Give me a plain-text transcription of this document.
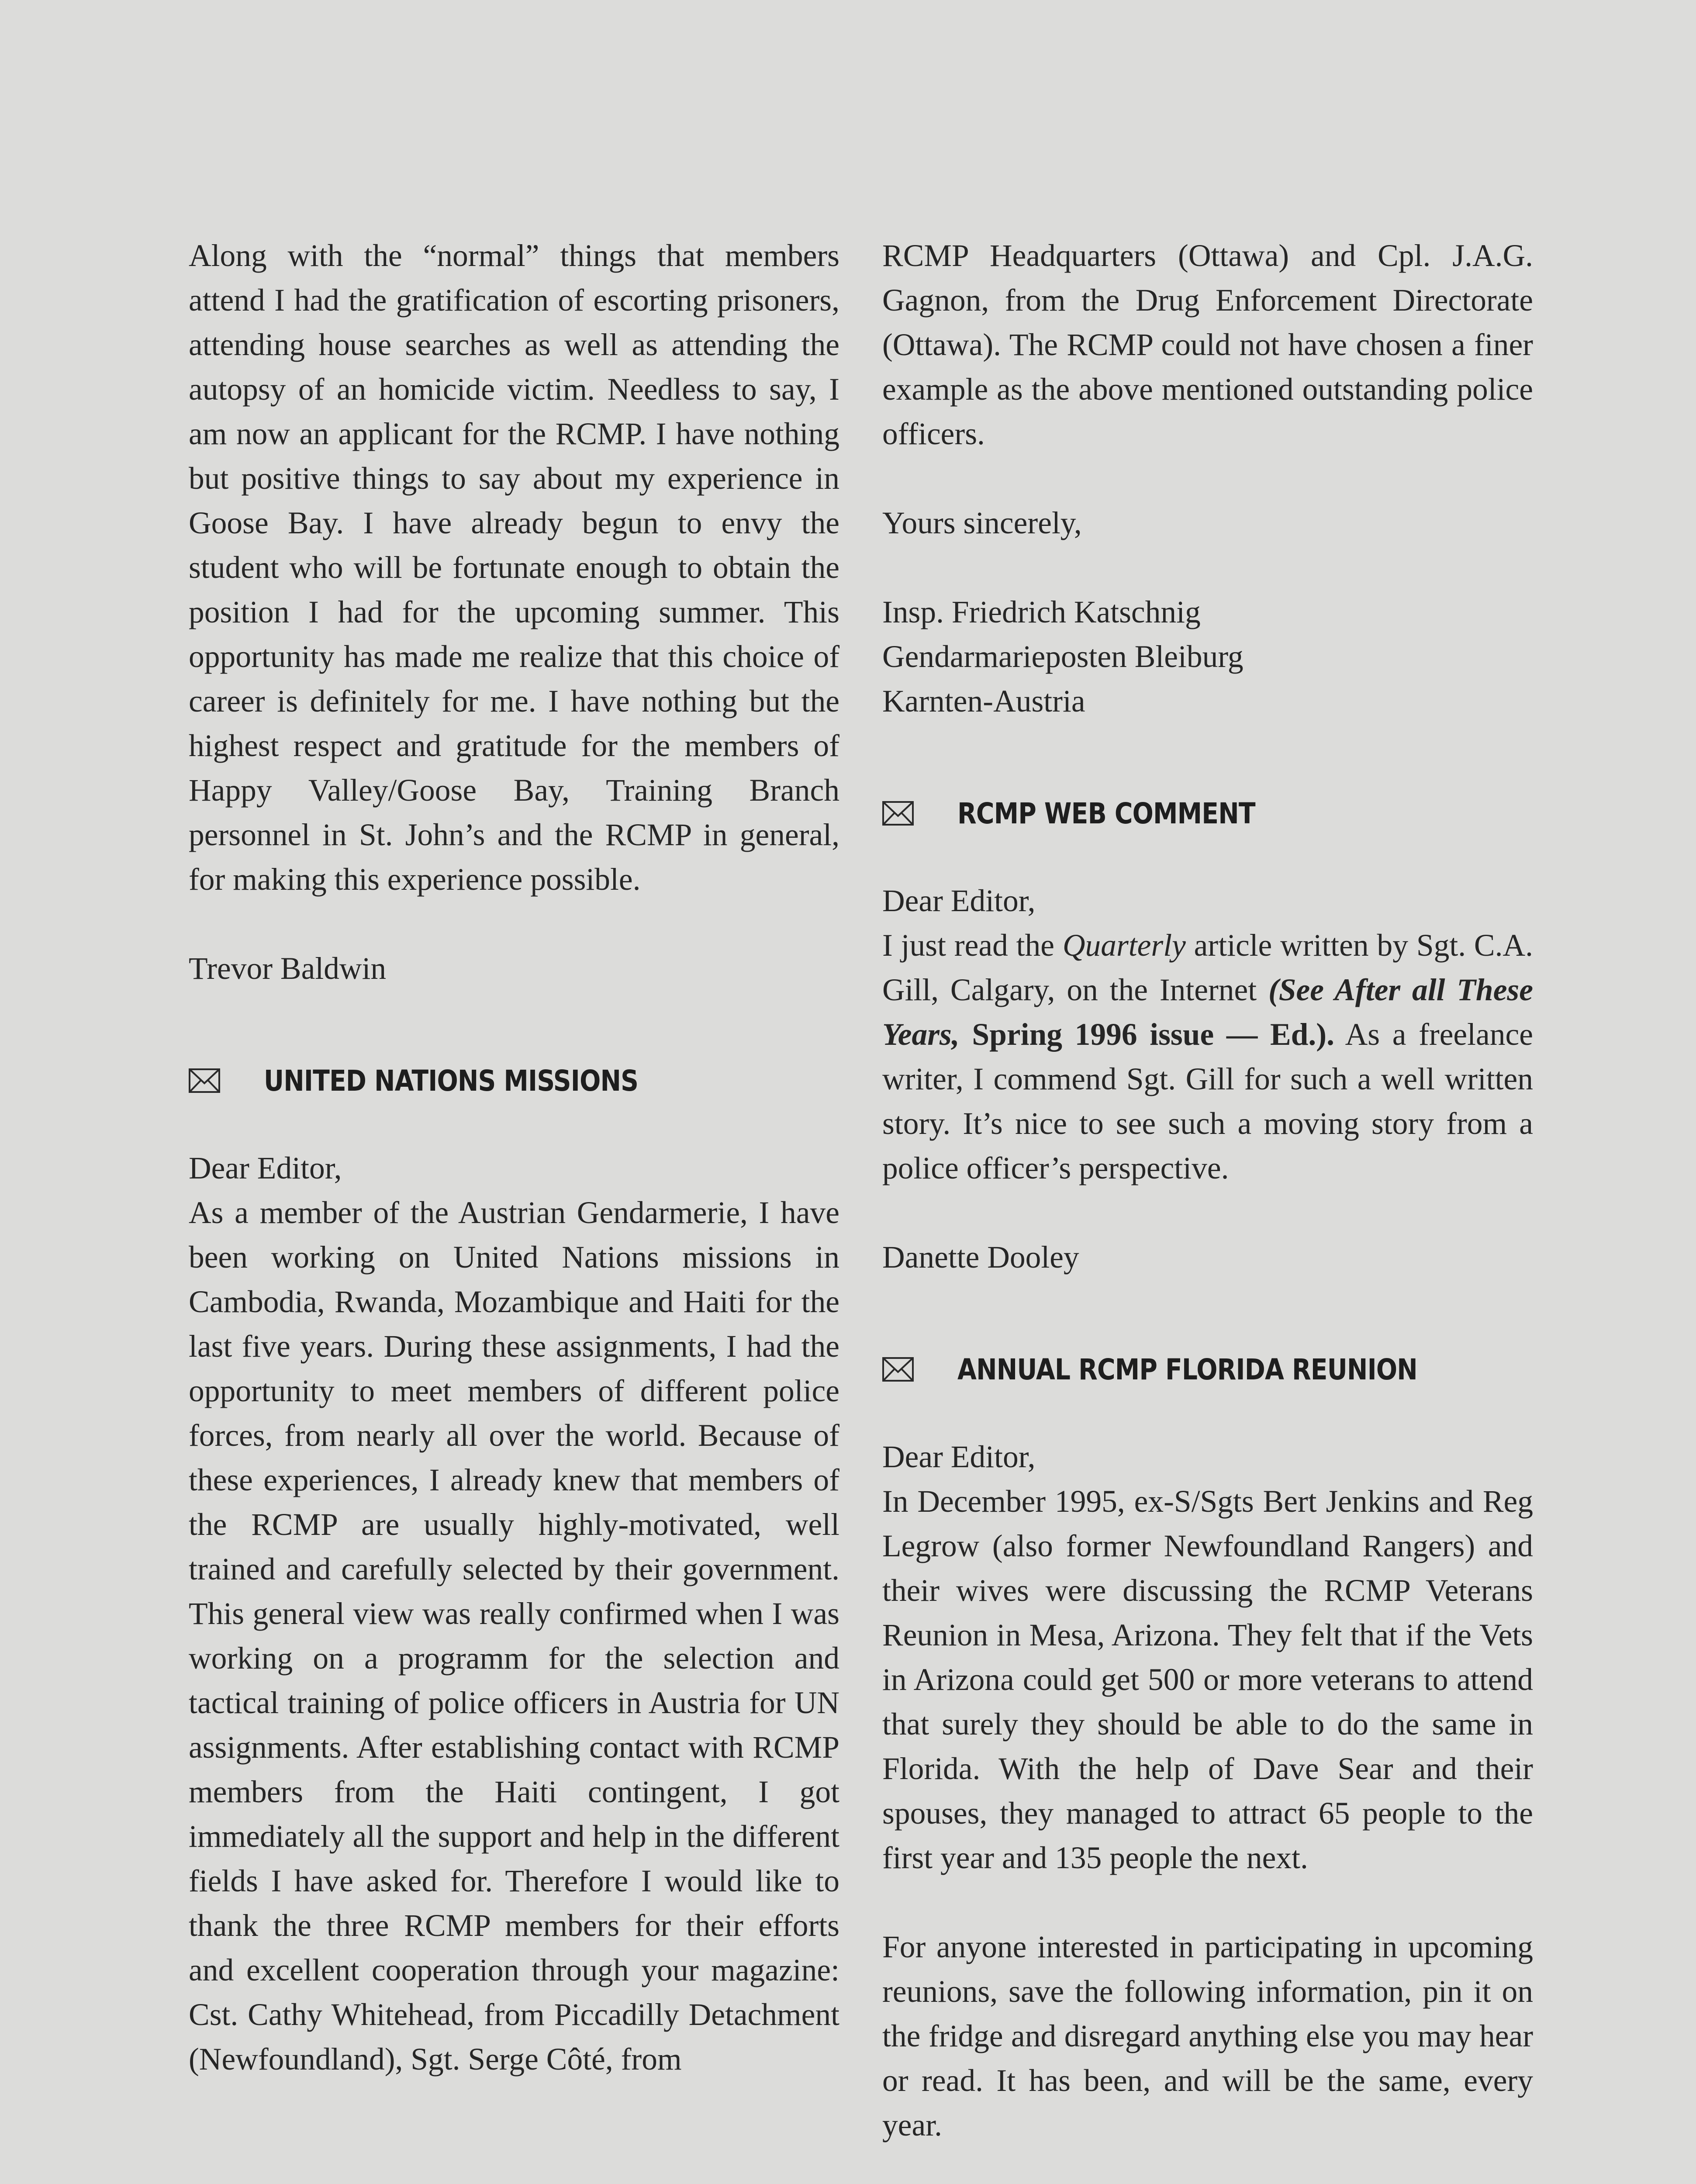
Along with the “normal” things that members attend I had the gratification of escorting prisoners, attending house searches as well as attending the autopsy of an homicide victim. Needless to say, I am now an applicant for the RCMP. I have nothing but positive things to say about my experience in Goose Bay. I have already begun to envy the student who will be fortunate enough to obtain the position I had for the upcoming summer. This opportunity has made me realize that this choice of career is definitely for me. I have nothing but the highest respect and gratitude for the members of Happy Valley/Goose Bay, Training Branch personnel in St. John’s and the RCMP in general, for making this experience possible.

Trevor Baldwin

UNITED NATIONS MISSIONS

Dear Editor,

As a member of the Austrian Gendarmerie, I have been working on United Nations missions in Cambodia, Rwanda, Mozambique and Haiti for the last five years. During these assignments, I had the opportunity to meet members of different police forces, from nearly all over the world. Because of these experiences, I already knew that members of the RCMP are usually highly-motivated, well trained and carefully selected by their government. This general view was really confirmed when I was working on a programm for the selection and tactical training of police officers in Austria for UN assignments. After establishing contact with RCMP members from the Haiti contingent, I got immediately all the support and help in the different fields I have asked for. Therefore I would like to thank the three RCMP members for their efforts and excellent cooperation through your magazine: Cst. Cathy Whitehead, from Piccadilly Detachment (Newfoundland), Sgt. Serge Côté, from

RCMP Headquarters (Ottawa) and Cpl. J.A.G. Gagnon, from the Drug Enforcement Directorate (Ottawa). The RCMP could not have chosen a finer example as the above mentioned outstanding police officers.

Yours sincerely,

Insp. Friedrich Katschnig

Gendarmarieposten Bleiburg

Karnten-Austria

RCMP WEB COMMENT

Dear Editor,

I just read the Quarterly article written by Sgt. C.A. Gill, Calgary, on the Internet (See After all These Years, Spring 1996 issue — Ed.). As a freelance writer, I commend Sgt. Gill for such a well written story. It’s nice to see such a moving story from a police officer’s perspective.

Danette Dooley

ANNUAL RCMP FLORIDA REUNION

Dear Editor,

In December 1995, ex-S/Sgts Bert Jenkins and Reg Legrow (also former Newfoundland Rangers) and their wives were discussing the RCMP Veterans Reunion in Mesa, Arizona. They felt that if the Vets in Arizona could get 500 or more veterans to attend that surely they should be able to do the same in Florida. With the help of Dave Sear and their spouses, they managed to attract 65 people to the first year and 135 people the next.

For anyone interested in participating in upcoming reunions, save the following information, pin it on the fridge and disregard anything else you may hear or read. It has been, and will be the same, every year.
